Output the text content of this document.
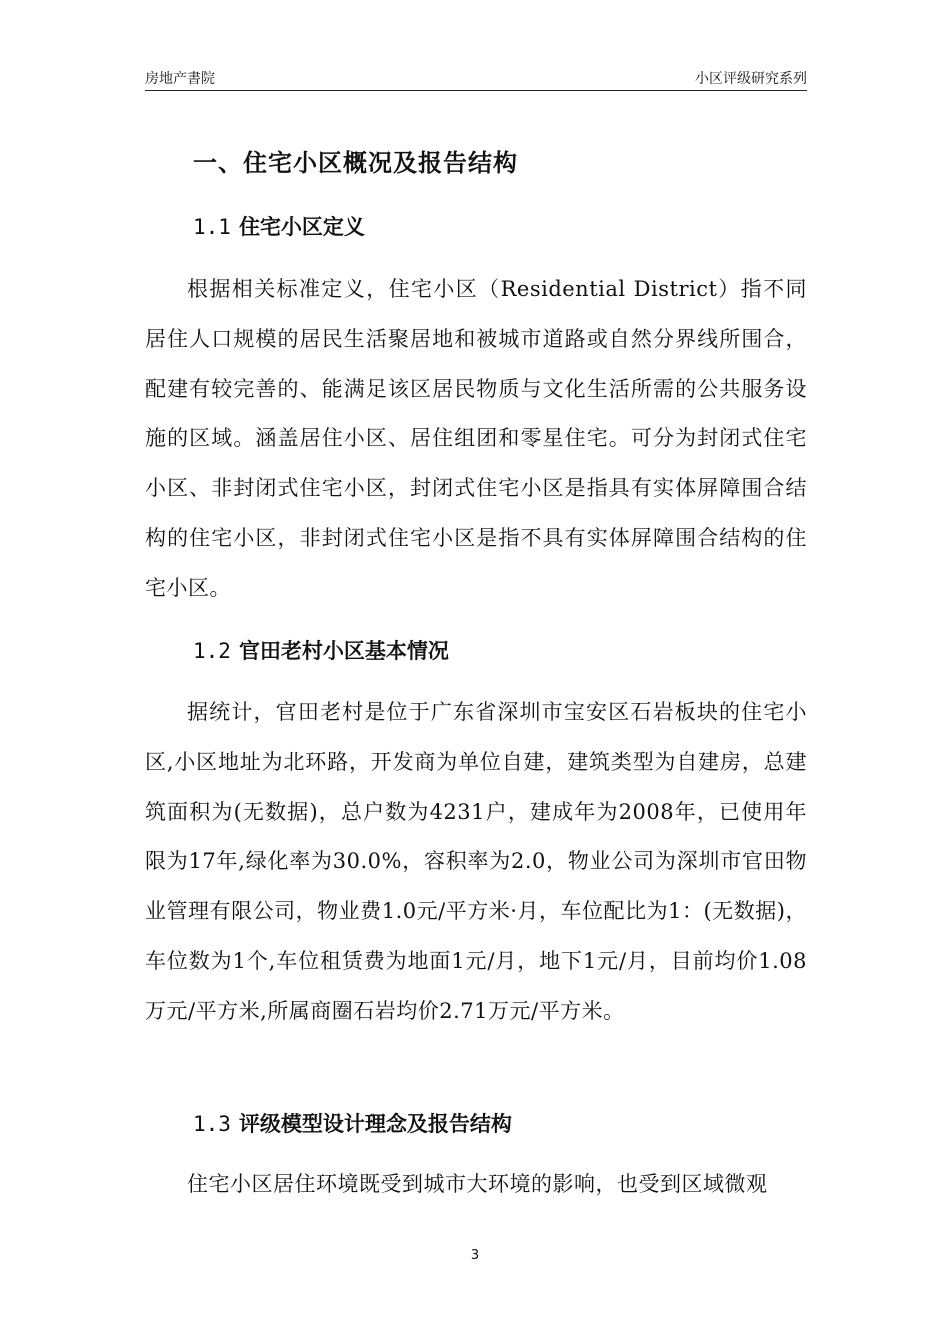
房地产書院	小区评级研究系列
一、住宅小区概况及报告结构
1.1 住宅小区定义
根据相关标准定义，住宅小区（Residential District）指不同居住人口规模的居民生活聚居地和被城市道路或自然分界线所围合，配建有较完善的、能满足该区居民物质与文化生活所需的公共服务设施的区域。涵盖居住小区、居住组团和零星住宅。可分为封闭式住宅小区、非封闭式住宅小区，封闭式住宅小区是指具有实体屏障围合结构的住宅小区，非封闭式住宅小区是指不具有实体屏障围合结构的住宅小区。
1.2 官田老村小区基本情况
据统计，官田老村是位于广东省深圳市宝安区石岩板块的住宅小区,小区地址为北环路，开发商为单位自建，建筑类型为自建房，总建筑面积为(无数据)，总户数为4231户，建成年为2008年，已使用年限为17年,绿化率为30.0%，容积率为2.0，物业公司为深圳市官田物业管理有限公司，物业费1.0元/平方米·月，车位配比为1：(无数据)，车位数为1个,车位租赁费为地面1元/月，地下1元/月，目前均价1.08万元/平方米,所属商圈石岩均价2.71万元/平方米。
1.3 评级模型设计理念及报告结构
住宅小区居住环境既受到城市大环境的影响，也受到区域微观
3
